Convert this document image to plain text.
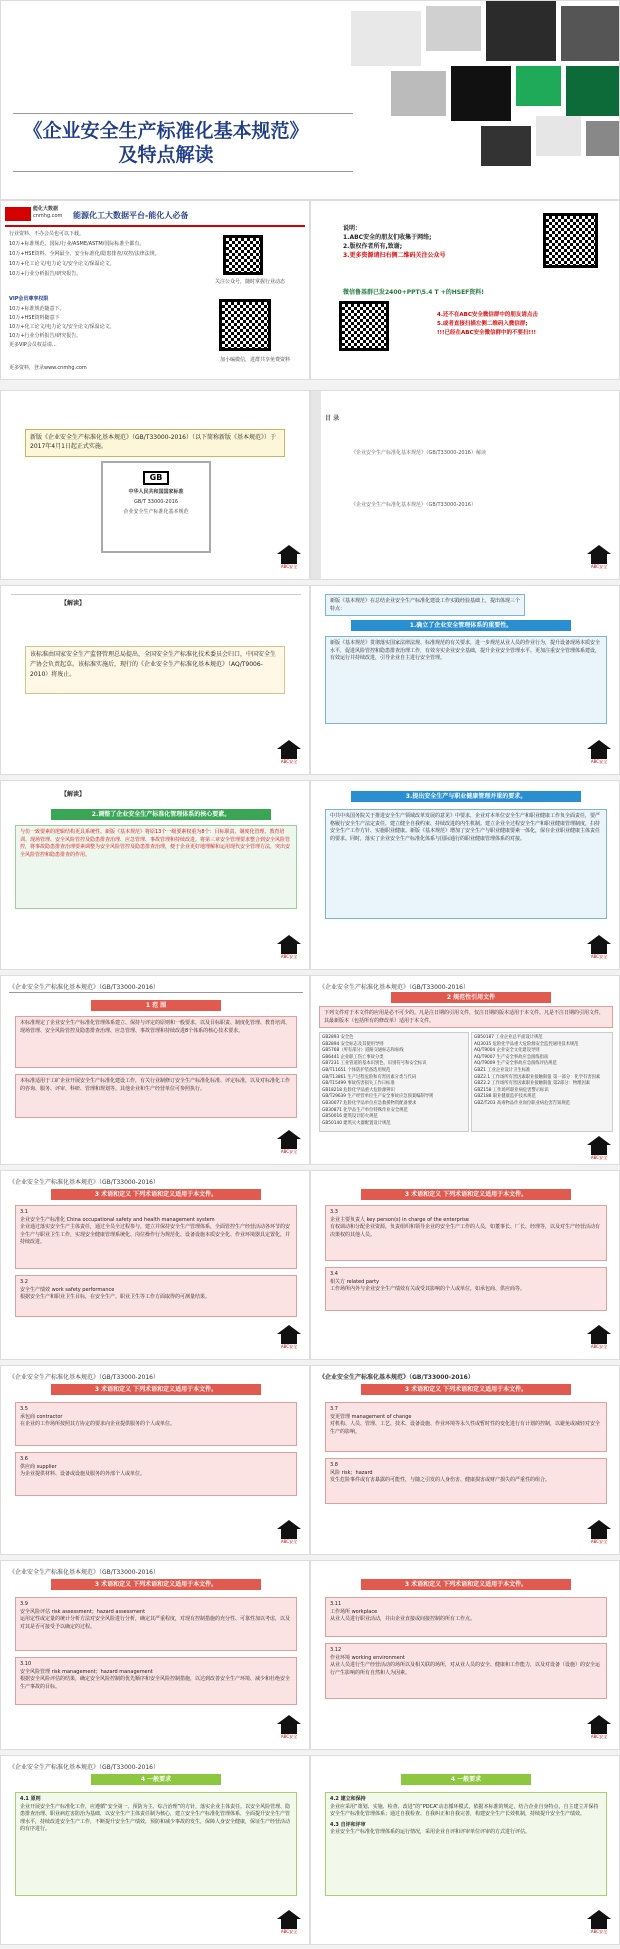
《企业安全生产标准化基本规范》
及特点解读
能化大数据
cnmhg.com 能源化工大数据平台-能化人必备
行业资料、不办会员也可以下载。
10万+标准规范、国际/行业/ASME/ASTM/国际标准全都有。
10万+HSE资料、全网最全、安全标准化/隐患排查/双控/法律法规。
10万+化工论文/电力论文/安全论文/保温论文。
10万+行业分析报告/研究报告。
关注公众号，随时掌握行业动态
VIP会员尊享权限
10万+标准规范随意下。
10万+HSE资料随意下
10万+化工论文/电力论文/安全论文/保温论文。
10万+行业分析报告/研究报告。
更多VIP会员权益请...
加小编微信，进群共享免费资料
更多资料，登录www.cnmhg.com
说明：
1.ABC安全的朋友们收集于网络;
2.版权作者所有,致谢;
3.更多资源请扫右侧二维码关注公众号
微信鲁基群已发2400+PPT\5.4 T +的HSEF资料!
4.还不在ABC安全微信群中的朋友请点击
5.或者直接扫描左侧二维码入微信群;
!!!已经在ABC安全微信群中的不要扫!!!
新版《企业安全生产标准化基本规范》（GB/T33000-2016）（以下简称新版《基本规范》）于2017年4月1日起正式实施。
GB
中华人民共和国国家标准
GB/T 33000-2016
企业安全生产标准化基本规范
ABC安全
目 录
《企业安全生产标准化基本规范》（GB/T33000-2016）解读
《企业安全生产标准化基本规范》（GB/T33000-2016）
ABC安全
【解读】
该标准由国家安全生产监督管理总局提出，全国安全生产标准化技术委员会归口，中国安全生产协会负责起草。该标准实施后，现行的《企业安全生产标准化基本规范》（AQ/T9006-2010）将废止。
ABC安全
新版《基本规范》在总结企业安全生产标准化建设工作实践经验基础上，提出体现三个特点：
1.确立了企业安全管理体系的重要性。
新版《基本规范》贯彻落实国家法律法规、标准规范的有关要求，进一步规范从业人员的作业行为，提升设备现场本质安全水平，促进风险管控和隐患排查治理工作，有效夯实企业安全基础，提升企业安全管理水平。更加注重安全管理体系建设，有效运行并持续改进，引导企业自主进行安全管理。
ABC安全
【解读】
2.调整了企业安全生产标准化管理体系的核心要素。
与仿一致要素的逻辑结构更具系统性。新版《基本规范》将原13个一级要素权重为8个：目标职责、制度化管理、教育培训、现场管理、安全风险管控及隐患排查治理、应急管理、事故管理和持续改进。将第三章安全管理要求整合到安全风险管控，将事故隐患排查治理要素调整为安全风险管控及隐患排查治理，便于企业更好地理解和运用现代安全管理方法，突出安全风险管控和隐患排查的作用。
ABC安全
3.提出安全生产与职业健康管理并重的要求。
中共中央国务院关于推进安全生产领域改革发展的意见》中要求，企业对本单位安全生产和职业健康工作负全面责任，要严格履行安全生产法定责任，建立健全自我约束、持续改进的内生机制。建立企业全过程安全生产和职业健康管理制度，扫持安全生产工作方针、实施职业健康。新版《基本规范》增加了安全生产与职业健康要素一体化，保存企业职业健康主体责任的要求。同时，落实了企业安全生产标准化体系与国际通行的职业健康管理体系的对接。
ABC安全
《企业安全生产标准化基本规范》（GB/T33000-2016）
1 范 围
本标准规定了企业安全生产标准化管理体系建立、保持与评定的原则和一般要求，以及目标职责、制度化管理、教育培训、现场管理、安全风险管控及隐患排查治理、应急管理、事故管理和持续改进8个体系的核心技术要求。
本标准适用于工矿企业开展安全生产标准化建设工作，有关行业制修订安全生产标准化标准、评定标准，以及对标准化工作的咨询、服务、评审、科研、管理和规划等。其他企业和生产经营单位可参照执行。
ABC安全
《企业安全生产标准化基本规范》（GB/T33000-2016）
2 规范性引用文件
下列文件对于本文件的应用是必不可少的。凡是注日期的引用文件，仅注日期的版本适用于本文件。凡是不注日期的引用文件，其最新版本（包括所有的修改单）适用于本文件。
GB2893 安全色
GB2894 安全标志及其使用导则
GB5768（所有部分）道路交通标志和标线
GB6441 企业职工伤亡事故分类
GB7231 工业管道的基本识别色、识别符号和安全标识
GB/T11651 个体防护装备选用规范
GB/T13861 生产过程危险和有害因素分类与代码
GB/T15499 事故伤害损失工作日标准
GB18218 危险化学品重大危险源辨识
GB/T29639 生产经营单位生产安全事故应急预案编制导则
GB30077 危险化学品单位应急救援物资配备要求
GB30871 化学品生产单位特殊作业安全规范
GB50016 建筑设计防火规范
GB50140 建筑灭火器配置设计规范
GB50187 工业企业总平面设计规范
AQ3035 危险化学品重大危险源安全监控通用技术规范
AQ/T9004 企业安全文化建设导则
AQ/T9007 生产安全事故应急演练指南
AQ/T9009 生产安全事故应急演练评估规范
GBZ1 工业企业设计卫生标准
GBZ2.1 工作场所有害因素职业接触限值 第一部分：化学有害因素
GBZ2.2 工作场所有害因素职业接触限值 第2部分：物理因素
GBZ158 工作场所职业病危害警示标识
GBZ188 职业健康监护技术规范
GBZ/T203 高毒物品作业岗位职业病危害告知规范
ABC安全
《企业安全生产标准化基本规范》（GB/T33000-2016）
3 术语和定义 下列术语和定义适用于本文件。
3.1
企业安全生产标准化 China occupational safety and health management system
企业通过落实安全生产主体责任，通过全员全过程参与，建立并保持安全生产管理体系，全面管控生产经营活动各环节的安全生产与职业卫生工作，实现安全健康管理系统化、岗位操作行为规范化、设备设施本质安全化、作业环境器具定置化，并持续改进。
3.2
安全生产绩效 work safety performance
根据安全生产和职业卫生目标，在安全生产、职业卫生等工作方面取得的可测量结果。
ABC安全
3 术语和定义 下列术语和定义适用于本文件。
3.3
企业主要负责人 key person(s) in charge of the enterprise
有权调动和分配企业资源，负责组织和领导企业的安全生产工作的人员，如董事长、厂长、经理等，以及对生产经营活动有决策权的其他人员。
3.4
相关方 related party
工作场所内外与企业安全生产绩效有关或受其影响的个人或单位，如承包商、供应商等。
ABC安全
《企业安全生产标准化基本规范》（GB/T33000-2016）
3 术语和定义 下列术语和定义适用于本文件。
3.5
承包商 contractor
在企业的工作场所按照其方协定的要求向企业提供服务的个人或单位。
3.6
供应商 supplier
为企业提供材料、设备或设施及服务的外部个人或单位。
ABC安全
《企业安全生产标准化基本规范》（GB/T33000-2016）
3 术语和定义 下列术语和定义适用于本文件。
3.7
变更管理 management of change
对机构、人员、管理、工艺、技术、设备设施、作业环境等永久性或暂时性的变化进行有计划的控制，以避免或减轻对安全生产的影响。
3.8
风险 risk；hazard
发生危险事件或有害暴露的可能性，与随之引发的人身伤害、健康损害或财产损失的严重性的组合。
ABC安全
《企业安全生产标准化基本规范》（GB/T33000-2016）
3 术语和定义 下列术语和定义适用于本文件。
3.9
安全风险评估 risk assessment；hazard assessment
运用定性或定量的统计分析方法对安全风险进行分析，确定其严重程度，对现有控制措施的充分性、可靠性加以考虑，以及对其是否可接受予以确定的过程。
3.10
安全风险管理 risk management；hazard management
根据安全风险评估的结果，确定安全风险控制的优先顺序和安全风险控制措施，以达到改善安全生产环境、减少和杜绝安全生产事故的目标。
ABC安全
3 术语和定义 下列术语和定义适用于本文件。
3.11
工作场所 workplace
从业人员进行职业活动，并由企业直接或间接控制的所有工作点。
3.12
作业环境 working environment
从业人员进行生产经营活动的场所以及相关联的场所，对从业人员的安全、健康和工作能力，以及对设备（设施）的安全运行产生影响的所有自然和人为因素。
ABC安全
《企业安全生产标准化基本规范》（GB/T33000-2016）
4 一般要求
4.1 原则
企业开展安全生产标准化工作，应遵循“安全第一、预防为主、综合治理”的方针，落实企业主体责任。以安全风险管理、隐患排查治理、职业病危害防治为基础，以安全生产主体责任制为核心，建立安全生产标准化管理体系，全面提升安全生产管理水平，持续改进安全生产工作，不断提升安全生产绩效，预防和减少事故的发生，保障人身安全健康，保证生产经营活动的有序进行。
ABC安全
4 一般要求
4.2 建立和保持
企业应采用“策划、实施、检查、改进”的“PDCA”动态循环模式，依据本标准的规定，结合企业自身特点，自主建立并保持安全生产标准化管理体系；通过自我检查、自我纠正和自我完善，构建安全生产长效机制，持续提升安全生产绩效。
4.3 自评和评审
企业安全生产标准化管理体系的运行情况，采用企业自评和评审单位评审的方式进行评估。
ABC安全
